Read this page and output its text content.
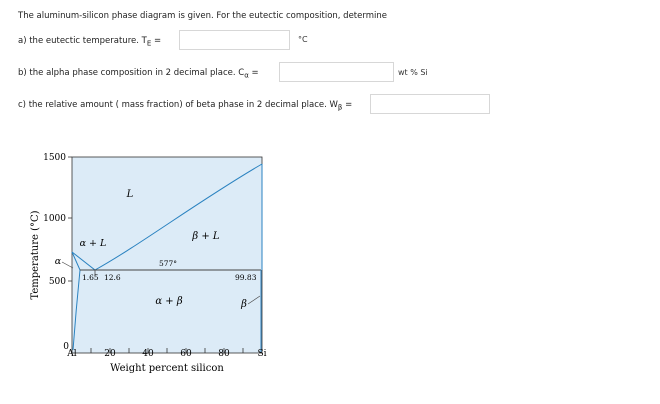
The aluminum-silicon phase diagram is given. For the eutectic composition, determine
a) the eutectic temperature. $T_E$ =	°C
b) the alpha phase composition in 2 decimal place. $C_\alpha$ =	wt % Si
c) the relative amount ( mass fraction) of beta phase in 2 decimal place. $W_\beta$ =
1500
1000
500
0
Al	20	40	60	80	Si
Weight percent silicon
Temperature (°C)
L
α + L
β + L
α
α + β	β
577°
1.65 12.6	99.83
